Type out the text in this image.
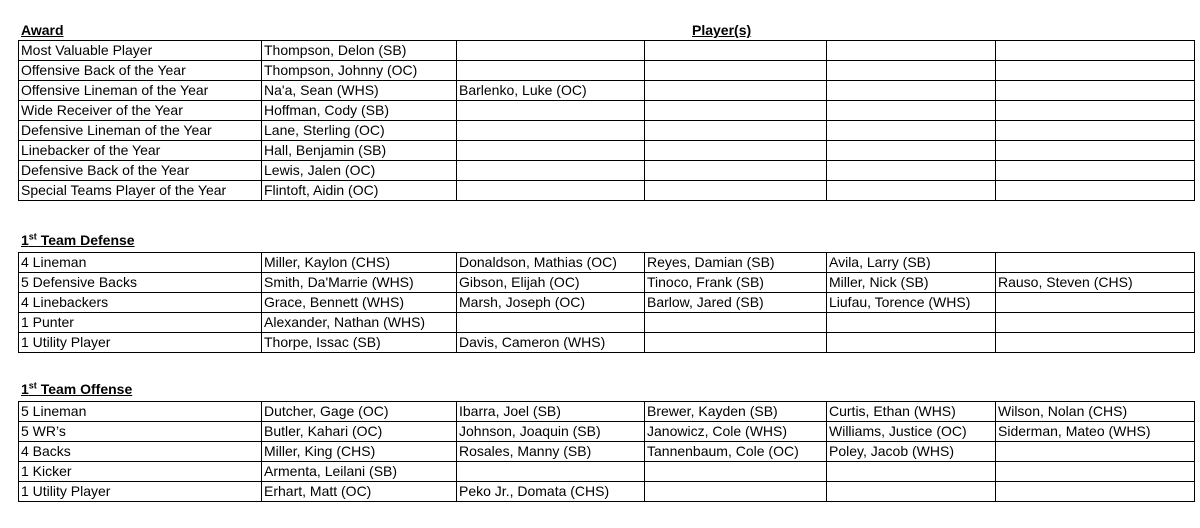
Award	Player(s)
Most Valuable Player	Thompson, Delon (SB)				
Offensive Back of the Year	Thompson, Johnny (OC)				
Offensive Lineman of the Year	Na'a, Sean (WHS)	Barlenko, Luke (OC)			
Wide Receiver of the Year	Hoffman, Cody (SB)				
Defensive Lineman of the Year	Lane, Sterling (OC)				
Linebacker of the Year	Hall, Benjamin (SB)				
Defensive Back of the Year	Lewis, Jalen (OC)				
Special Teams Player of the Year	Flintoft, Aidin (OC)				
1st Team Defense
4 Lineman	Miller, Kaylon (CHS)	Donaldson, Mathias (OC)	Reyes, Damian (SB)	Avila, Larry (SB)	
5 Defensive Backs	Smith, Da'Marrie (WHS)	Gibson, Elijah (OC)	Tinoco, Frank (SB)	Miller, Nick (SB)	Rauso, Steven (CHS)
4 Linebackers	Grace, Bennett (WHS)	Marsh, Joseph (OC)	Barlow, Jared (SB)	Liufau, Torence (WHS)	
1 Punter	Alexander, Nathan (WHS)				
1 Utility Player	Thorpe, Issac (SB)	Davis, Cameron (WHS)			
1st Team Offense
5 Lineman	Dutcher, Gage (OC)	Ibarra, Joel (SB)	Brewer, Kayden (SB)	Curtis, Ethan (WHS)	Wilson, Nolan (CHS)
5 WR’s	Butler, Kahari (OC)	Johnson, Joaquin (SB)	Janowicz, Cole (WHS)	Williams, Justice (OC)	Siderman, Mateo (WHS)
4 Backs	Miller, King (CHS)	Rosales, Manny (SB)	Tannenbaum, Cole (OC)	Poley, Jacob (WHS)	
1 Kicker	Armenta, Leilani (SB)				
1 Utility Player	Erhart, Matt (OC)	Peko Jr., Domata (CHS)			
